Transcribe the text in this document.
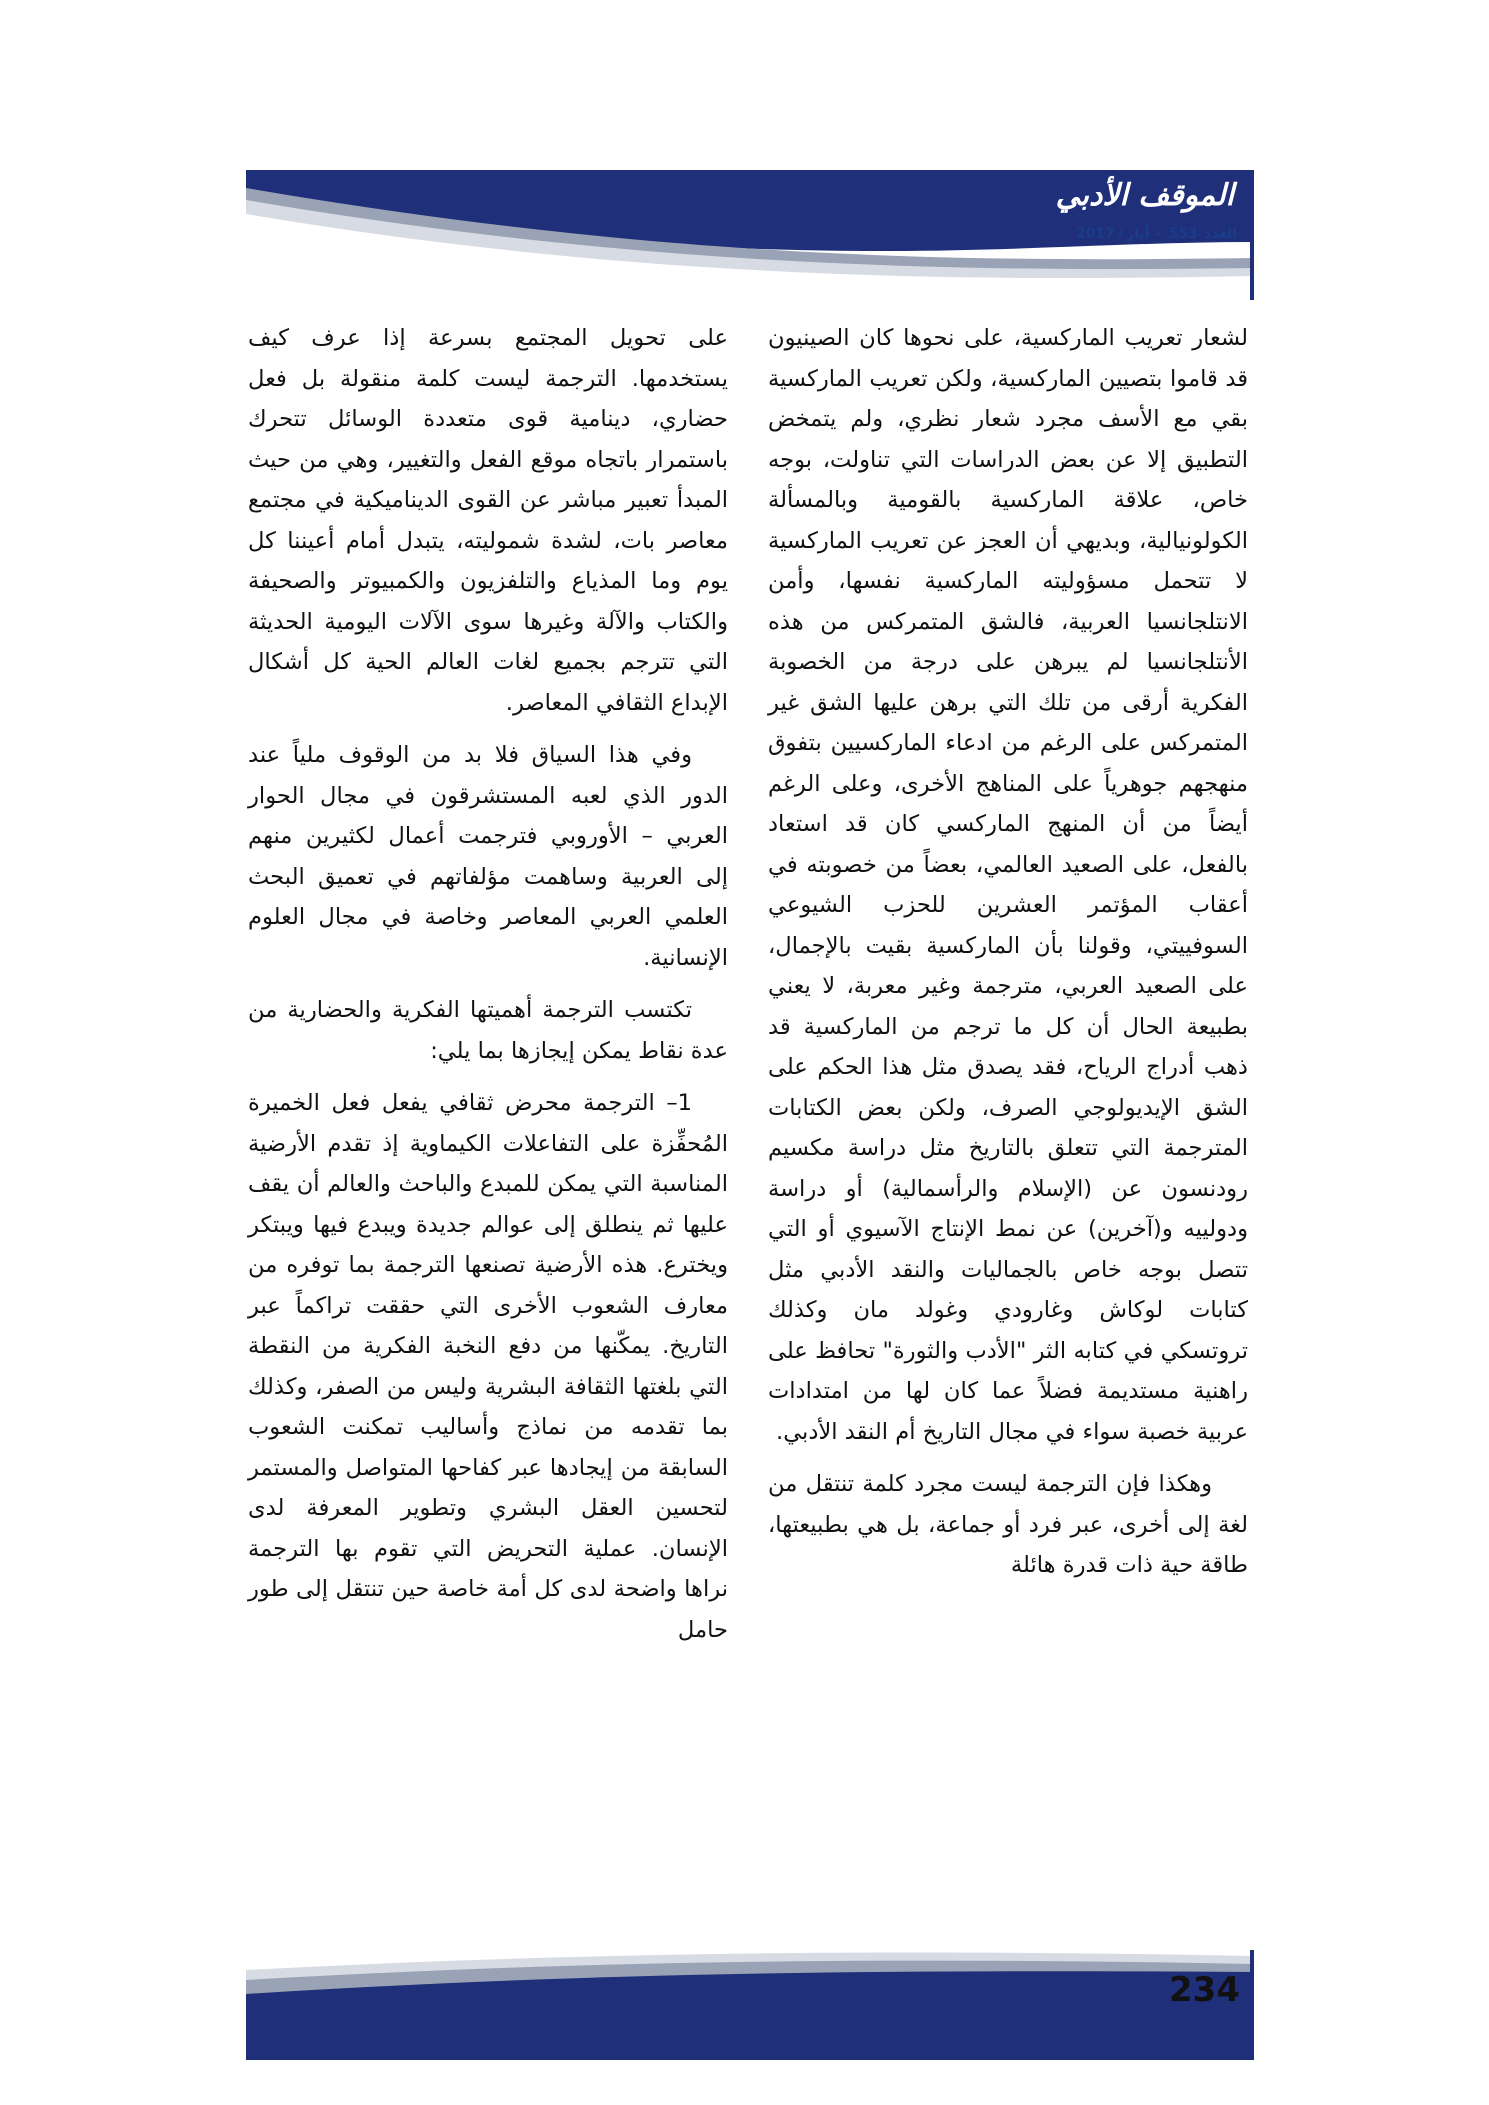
الموقف الأدبي
العدد553–أيار/2017

لشعار تعريب الماركسية، على نحوها كان الصينيون قد قاموا بتصيين الماركسية، ولكن تعريب الماركسية بقي مع الأسف مجرد شعار نظري، ولم يتمخض التطبيق إلا عن بعض الدراسات التي تناولت، بوجه خاص، علاقة الماركسية بالقومية وبالمسألة الكولونيالية، وبديهي أن العجز عن تعريب الماركسية لا تتحمل مسؤوليته الماركسية نفسها، وأمن الانتلجانسيا العربية، فالشق المتمركس من هذه الأنتلجانسيا لم يبرهن على درجة من الخصوبة الفكرية أرقى من تلك التي برهن عليها الشق غير المتمركس على الرغم من ادعاء الماركسيين بتفوق منهجهم جوهرياً على المناهج الأخرى، وعلى الرغم أيضاً من أن المنهج الماركسي كان قد استعاد بالفعل، على الصعيد العالمي، بعضاً من خصوبته في أعقاب المؤتمر العشرين للحزب الشيوعي السوفييتي، وقولنا بأن الماركسية بقيت بالإجمال، على الصعيد العربي، مترجمة وغير معربة، لا يعني بطبيعة الحال أن كل ما ترجم من الماركسية قد ذهب أدراج الرياح، فقد يصدق مثل هذا الحكم على الشق الإيديولوجي الصرف، ولكن بعض الكتابات المترجمة التي تتعلق بالتاريخ مثل دراسة مكسيم رودنسون عن (الإسلام والرأسمالية) أو دراسة ودولييه و(آخرين) عن نمط الإنتاج الآسيوي أو التي تتصل بوجه خاص بالجماليات والنقد الأدبي مثل كتابات لوكاش وغارودي وغولد مان وكذلك تروتسكي في كتابه الثر "الأدب والثورة" تحافظ على راهنية مستديمة فضلاً عما كان لها من امتدادات عربية خصبة سواء في مجال التاريخ أم النقد الأدبي.

وهكذا فإن الترجمة ليست مجرد كلمة تنتقل من لغة إلى أخرى، عبر فرد أو جماعة، بل هي بطبيعتها، طاقة حية ذات قدرة هائلة

على تحويل المجتمع بسرعة إذا عرف كيف يستخدمها. الترجمة ليست كلمة منقولة بل فعل حضاري، دينامية قوى متعددة الوسائل تتحرك باستمرار باتجاه موقع الفعل والتغيير، وهي من حيث المبدأ تعبير مباشر عن القوى الديناميكية في مجتمع معاصر بات، لشدة شموليته، يتبدل أمام أعيننا كل يوم وما المذياع والتلفزيون والكمبيوتر والصحيفة والكتاب والآلة وغيرها سوى الآلات اليومية الحديثة التي تترجم بجميع لغات العالم الحية كل أشكال الإبداع الثقافي المعاصر.

وفي هذا السياق فلا بد من الوقوف ملياً عند الدور الذي لعبه المستشرقون في مجال الحوار العربي – الأوروبي فترجمت أعمال لكثيرين منهم إلى العربية وساهمت مؤلفاتهم في تعميق البحث العلمي العربي المعاصر وخاصة في مجال العلوم الإنسانية.

تكتسب الترجمة أهميتها الفكرية والحضارية من عدة نقاط يمكن إيجازها بما يلي:

1– الترجمة محرض ثقافي يفعل فعل الخميرة المُحفِّزة على التفاعلات الكيماوية إذ تقدم الأرضية المناسبة التي يمكن للمبدع والباحث والعالم أن يقف عليها ثم ينطلق إلى عوالم جديدة ويبدع فيها ويبتكر ويخترع. هذه الأرضية تصنعها الترجمة بما توفره من معارف الشعوب الأخرى التي حققت تراكماً عبر التاريخ. يمكّنها من دفع النخبة الفكرية من النقطة التي بلغتها الثقافة البشرية وليس من الصفر، وكذلك بما تقدمه من نماذج وأساليب تمكنت الشعوب السابقة من إيجادها عبر كفاحها المتواصل والمستمر لتحسين العقل البشري وتطوير المعرفة لدى الإنسان. عملية التحريض التي تقوم بها الترجمة نراها واضحة لدى كل أمة خاصة حين تنتقل إلى طور حامل

234
